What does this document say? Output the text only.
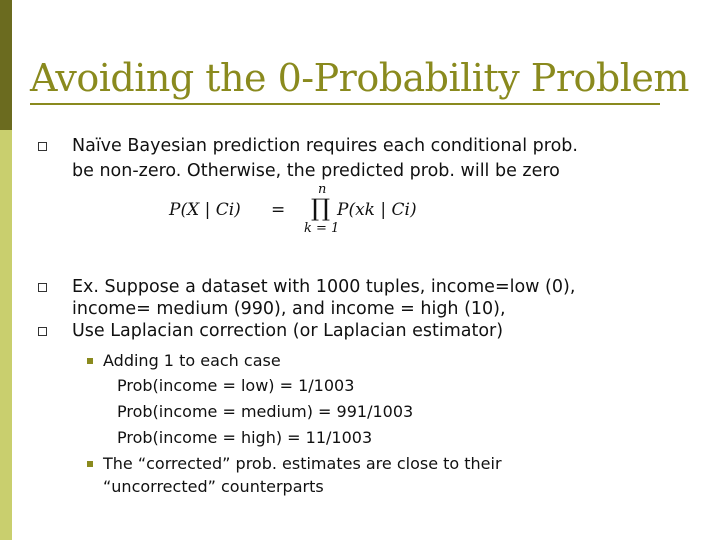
Avoiding the 0-Probability Problem
Naïve Bayesian prediction requires each conditional prob.
be non-zero. Otherwise, the predicted prob. will be zero
P(X | Ci) =
n
∏ P(xk | Ci)
k = 1
Ex. Suppose a dataset with 1000 tuples, income=low (0),
income= medium (990), and income = high (10),
Use Laplacian correction (or Laplacian estimator)
Adding 1 to each case
Prob(income = low) = 1/1003
Prob(income = medium) = 991/1003
Prob(income = high) = 11/1003
The “corrected” prob. estimates are close to their
“uncorrected” counterparts
